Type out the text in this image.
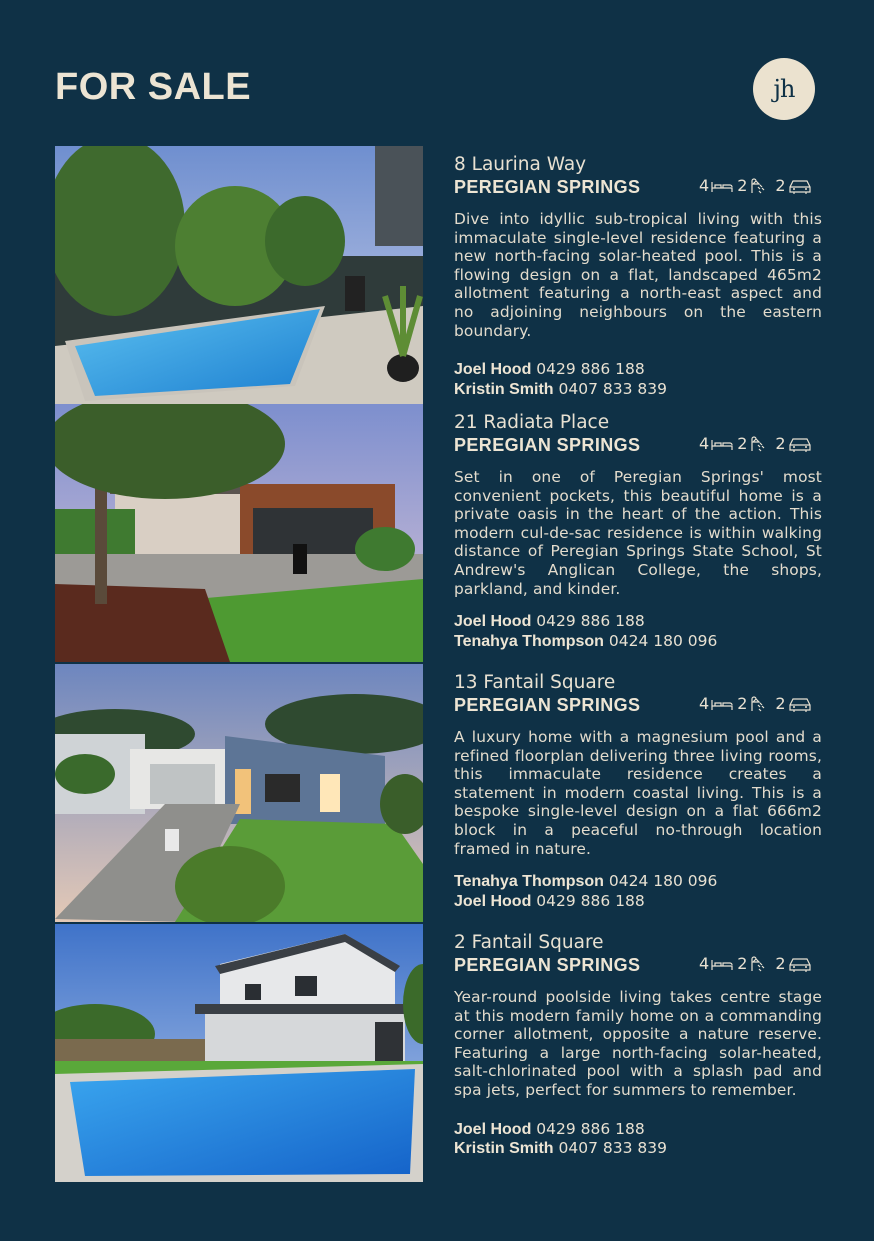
FOR SALE	jh
8 Laurina Way
PEREGIAN SPRINGS	4 2 2
Dive into idyllic sub-tropical living with this immaculate single-level residence featuring a new north-facing solar-heated pool. This is a flowing design on a flat, landscaped 465m2 allotment featuring a north-east aspect and no adjoining neighbours on the eastern boundary.
Joel Hood 0429 886 188
Kristin Smith 0407 833 839
21 Radiata Place
PEREGIAN SPRINGS	4 2 2
Set in one of Peregian Springs' most convenient pockets, this beautiful home is a private oasis in the heart of the action. This modern cul-de-sac residence is within walking distance of Peregian Springs State School, St Andrew's Anglican College, the shops, parkland, and kinder.
Joel Hood 0429 886 188
Tenahya Thompson 0424 180 096
13 Fantail Square
PEREGIAN SPRINGS	4 2 2
A luxury home with a magnesium pool and a refined floorplan delivering three living rooms, this immaculate residence creates a statement in modern coastal living. This is a bespoke single-level design on a flat 666m2 block in a peaceful no-through location framed in nature.
Tenahya Thompson 0424 180 096
Joel Hood 0429 886 188
2 Fantail Square
PEREGIAN SPRINGS	4 2 2
Year-round poolside living takes centre stage at this modern family home on a commanding corner allotment, opposite a nature reserve. Featuring a large north-facing solar-heated, salt-chlorinated pool with a splash pad and spa jets, perfect for summers to remember.
Joel Hood 0429 886 188
Kristin Smith 0407 833 839
